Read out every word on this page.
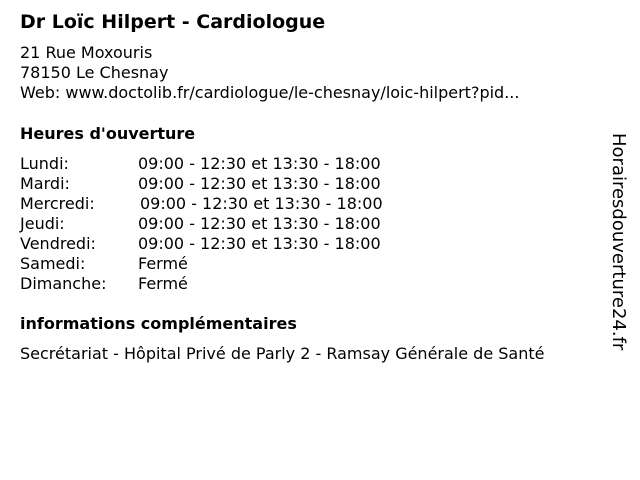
Dr Loïc Hilpert - Cardiologue
21 Rue Moxouris
78150 Le Chesnay
Web: www.doctolib.fr/cardiologue/le-chesnay/loic-hilpert?pid...
Heures d'ouverture
Lundi:	09:00 - 12:30 et 13:30 - 18:00
Mardi:	09:00 - 12:30 et 13:30 - 18:00
Mercredi:	09:00 - 12:30 et 13:30 - 18:00
Jeudi:	09:00 - 12:30 et 13:30 - 18:00
Vendredi:	09:00 - 12:30 et 13:30 - 18:00
Samedi:	Fermé
Dimanche:	Fermé
informations complémentaires
Secrétariat - Hôpital Privé de Parly 2 - Ramsay Générale de Santé
Horairesdouverture24.fr
